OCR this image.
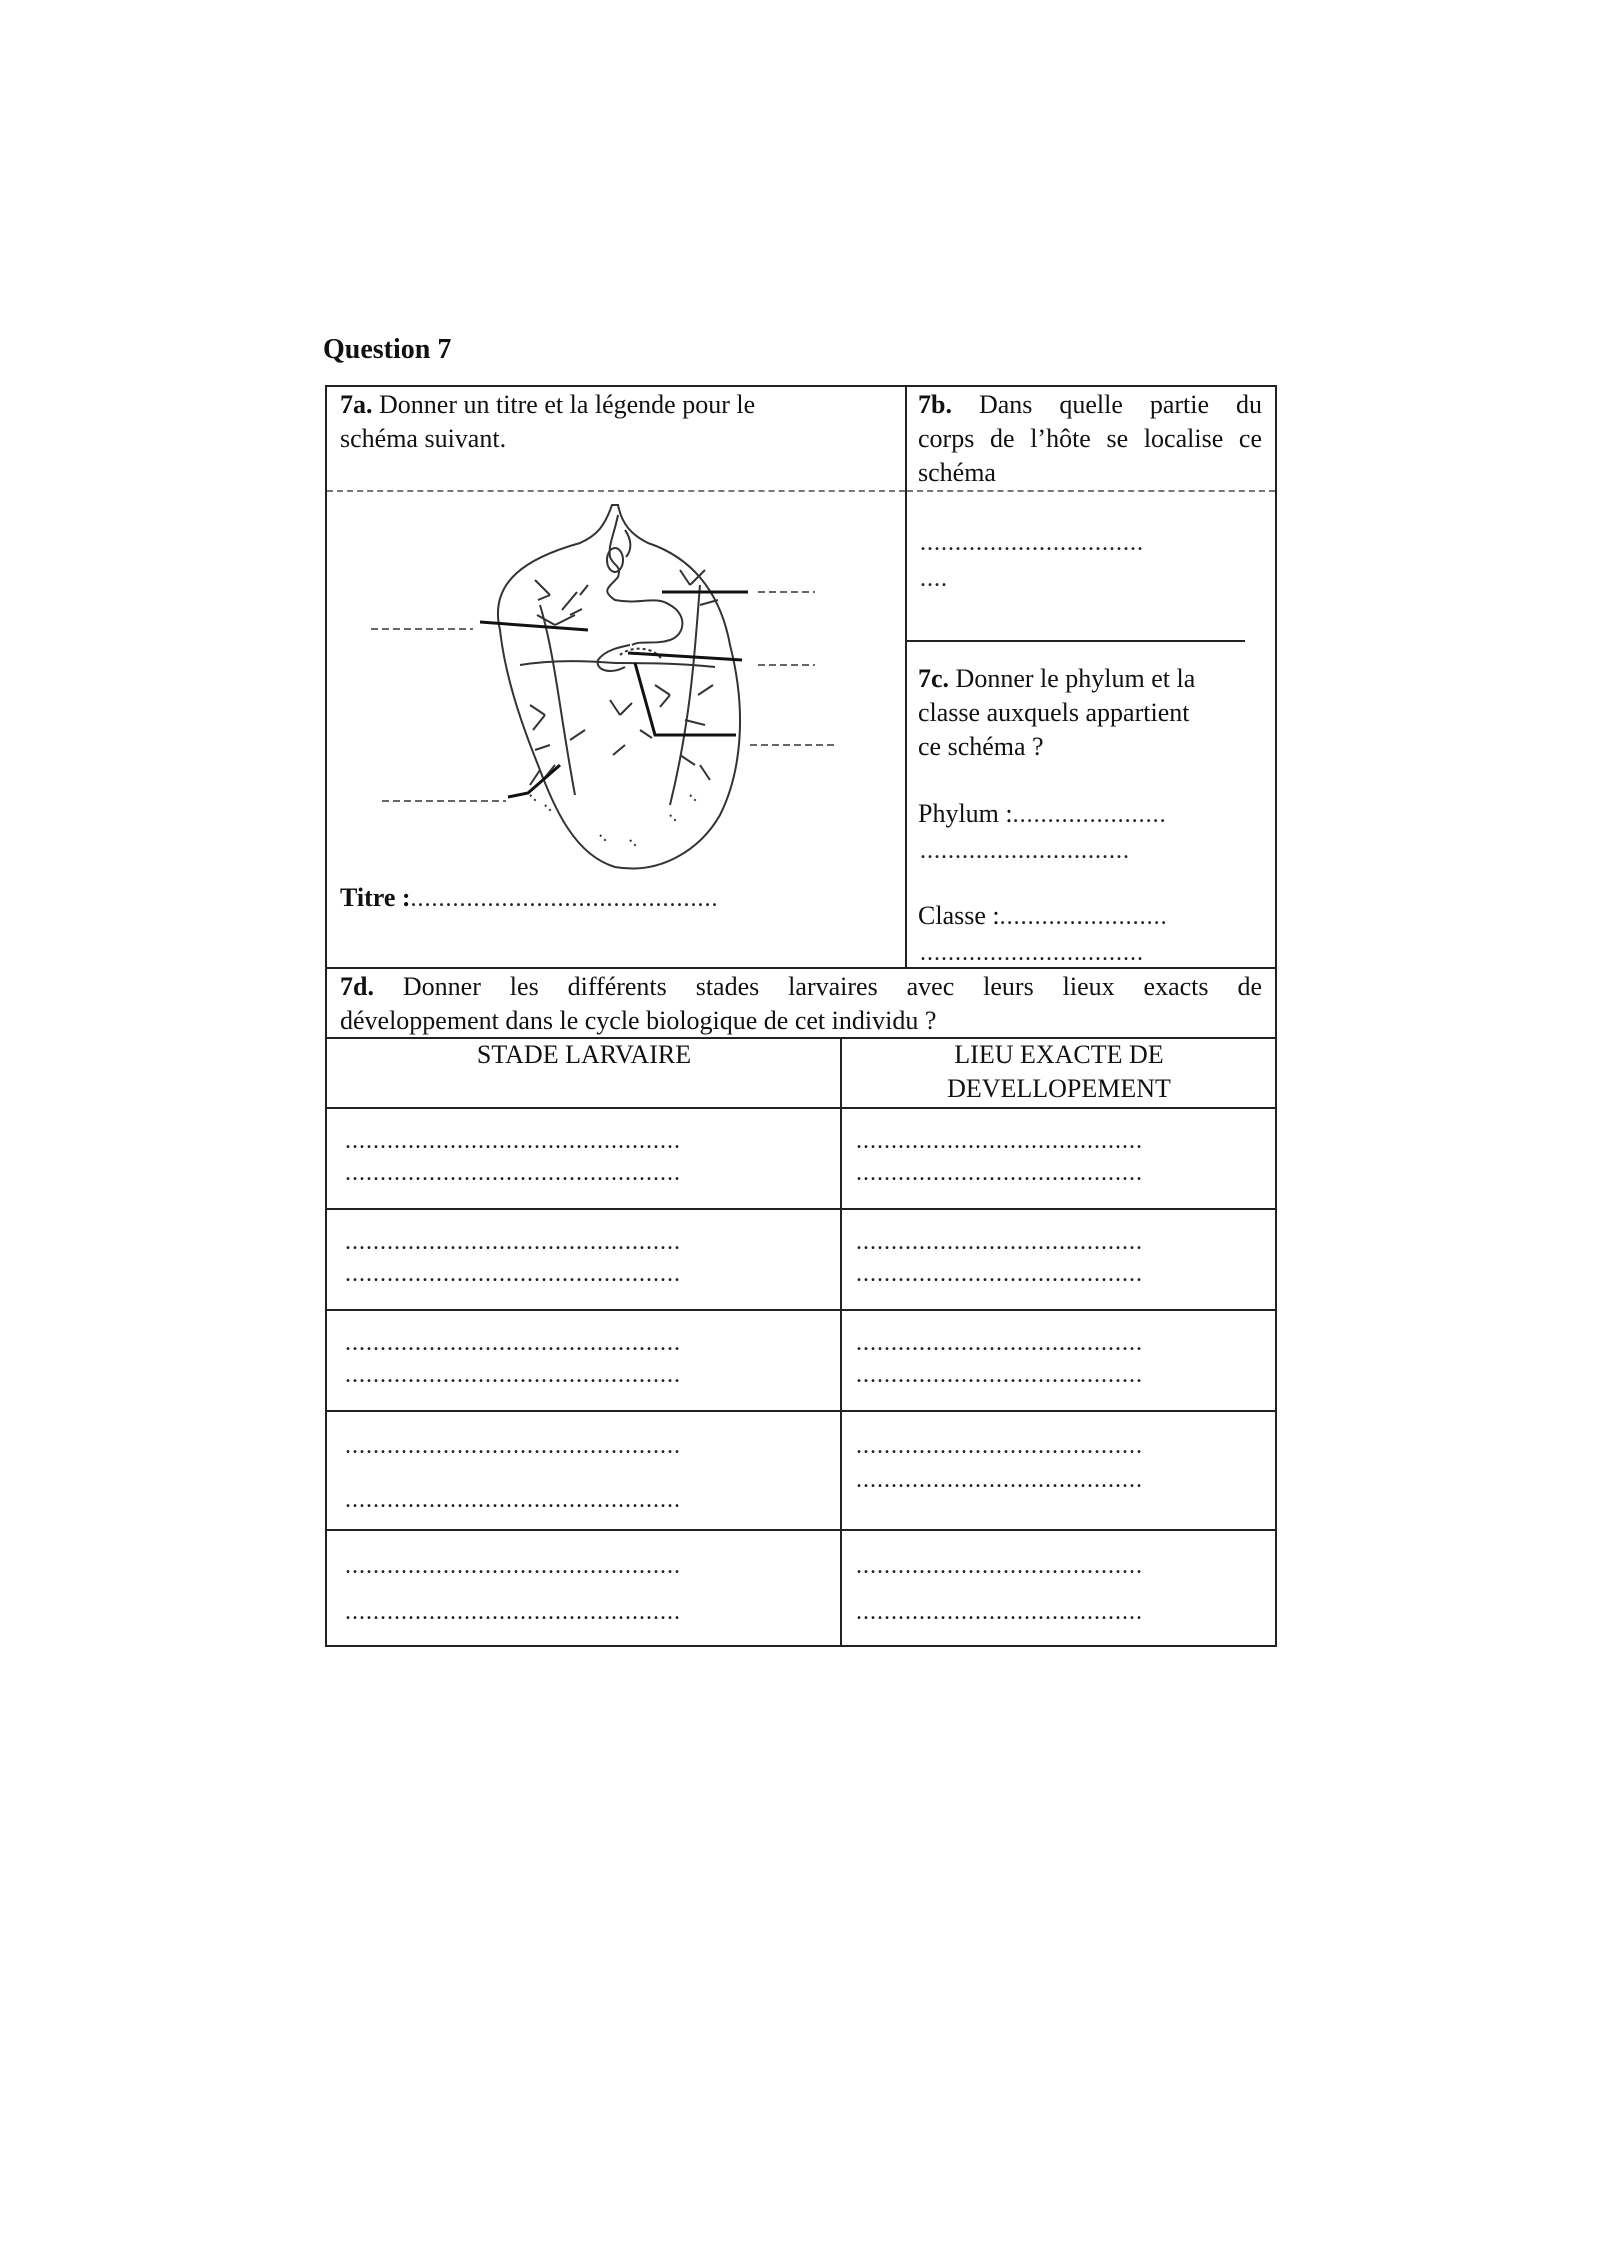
Question 7
7a. Donner un titre et la légende pour le
schéma suivant.
7b. Dans quelle partie du
corps de l’hôte se localise ce
schéma
................................
....
7c. Donner le phylum et la
classe auxquels appartient
ce schéma ?
Phylum :......................
..............................
Classe :........................
................................
Titre :............................................
7d. Donner les différents stades larvaires avec leurs lieux exacts de
développement dans le cycle biologique de cet individu ?
STADE LARVAIRE	LIEU EXACTE DE
DEVELLOPEMENT
................................................
................................................
.........................................
.........................................
................................................
................................................
.........................................
.........................................
................................................
................................................
.........................................
.........................................
................................................
................................................
.........................................
.........................................
................................................
................................................
.........................................
.........................................
